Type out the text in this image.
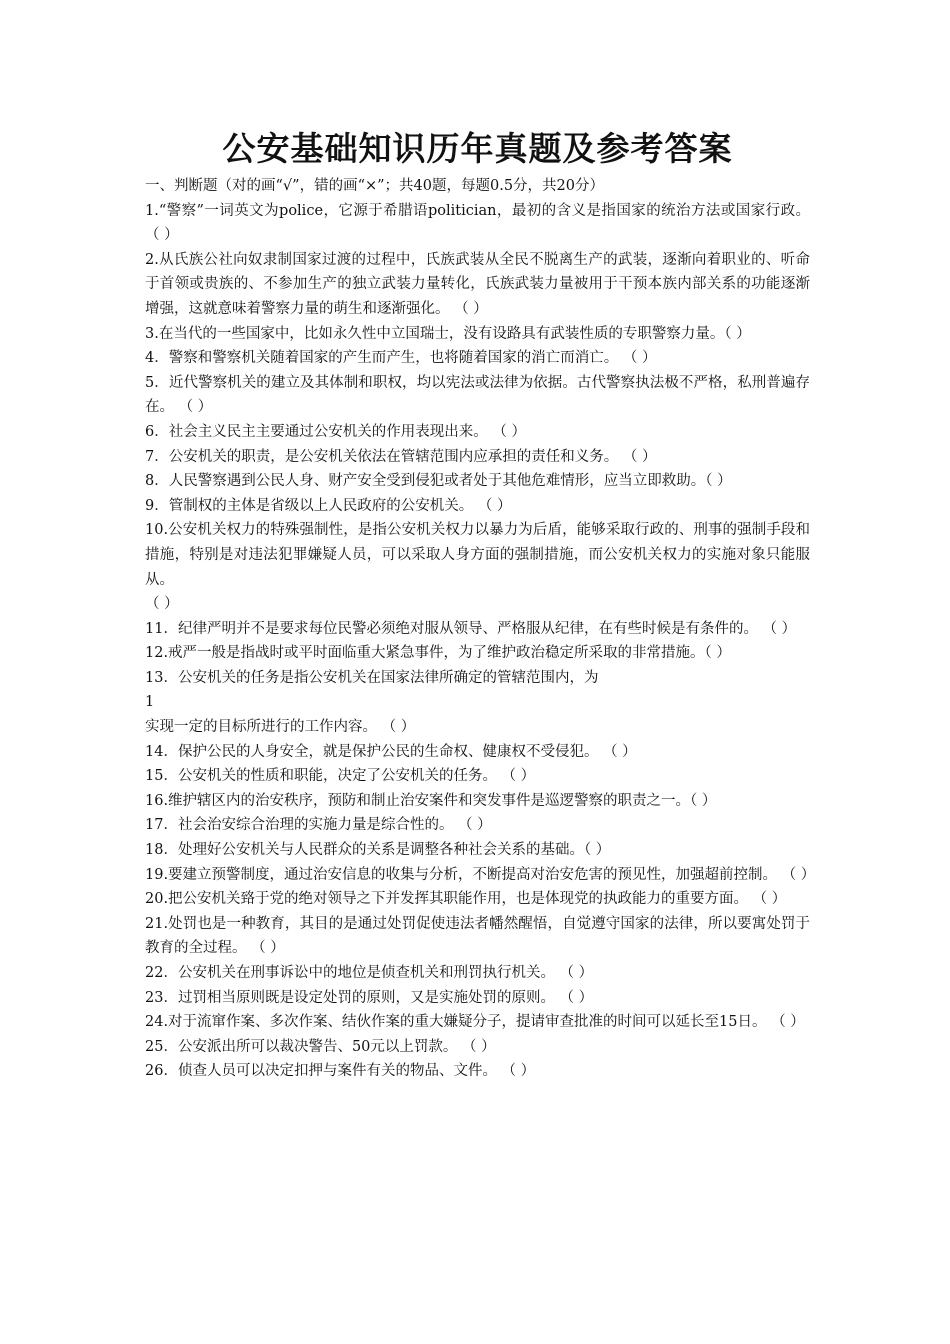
公安基础知识历年真题及参考答案
一、判断题（对的画“√”，错的画“×”；共40题，每题0.5分，共20分）
1.“警察”一词英文为police，它源于希腊语politician，最初的含义是指国家的统治方法或国家行政。 （ ）
2.从氏族公社向奴隶制国家过渡的过程中，氏族武装从全民不脱离生产的武装，逐渐向着职业的、听命于首领或贵族的、不参加生产的独立武装力量转化，氏族武装力量被用于干预本族内部关系的功能逐渐增强，这就意味着警察力量的萌生和逐渐强化。 （ ）
3.在当代的一些国家中，比如永久性中立国瑞士，没有设路具有武装性质的专职警察力量。（ ）
4．警察和警察机关随着国家的产生而产生，也将随着国家的消亡而消亡。 （ ）
5．近代警察机关的建立及其体制和职权，均以宪法或法律为依据。古代警察执法极不严格，私刑普遍存在。 （ ）
6．社会主义民主主要通过公安机关的作用表现出来。 （ ）
7．公安机关的职责，是公安机关依法在管辖范围内应承担的责任和义务。 （ ）
8．人民警察遇到公民人身、财产安全受到侵犯或者处于其他危难情形，应当立即救助。（ ）
9．管制权的主体是省级以上人民政府的公安机关。 （ ）
10.公安机关权力的特殊强制性，是指公安机关权力以暴力为后盾，能够采取行政的、刑事的强制手段和措施，特别是对违法犯罪嫌疑人员，可以采取人身方面的强制措施，而公安机关权力的实施对象只能服从。
（ ）
11．纪律严明并不是要求每位民警必须绝对服从领导、严格服从纪律，在有些时候是有条件的。 （ ）
12.戒严一般是指战时或平时面临重大紧急事件，为了维护政治稳定所采取的非常措施。（ ）
13．公安机关的任务是指公安机关在国家法律所确定的管辖范围内，为
1
实现一定的目标所进行的工作内容。 （ ）
14．保护公民的人身安全，就是保护公民的生命权、健康权不受侵犯。 （ ）
15．公安机关的性质和职能，决定了公安机关的任务。 （ ）
16.维护辖区内的治安秩序，预防和制止治安案件和突发事件是巡逻警察的职责之一。（ ）
17．社会治安综合治理的实施力量是综合性的。 （ ）
18．处理好公安机关与人民群众的关系是调整各种社会关系的基础。（ ）
19.要建立预警制度，通过治安信息的收集与分析，不断提高对治安危害的预见性，加强超前控制。 （ ）
20.把公安机关臵于党的绝对领导之下并发挥其职能作用，也是体现党的执政能力的重要方面。 （ ）
21.处罚也是一种教育，其目的是通过处罚促使违法者幡然醒悟，自觉遵守国家的法律，所以要寓处罚于教育的全过程。 （ ）
22．公安机关在刑事诉讼中的地位是侦查机关和刑罚执行机关。 （ ）
23．过罚相当原则既是设定处罚的原则，又是实施处罚的原则。 （ ）
24.对于流窜作案、多次作案、结伙作案的重大嫌疑分子，提请审查批准的时间可以延长至15日。 （ ）
25．公安派出所可以裁决警告、50元以上罚款。 （ ）
26．侦查人员可以决定扣押与案件有关的物品、文件。 （ ）
